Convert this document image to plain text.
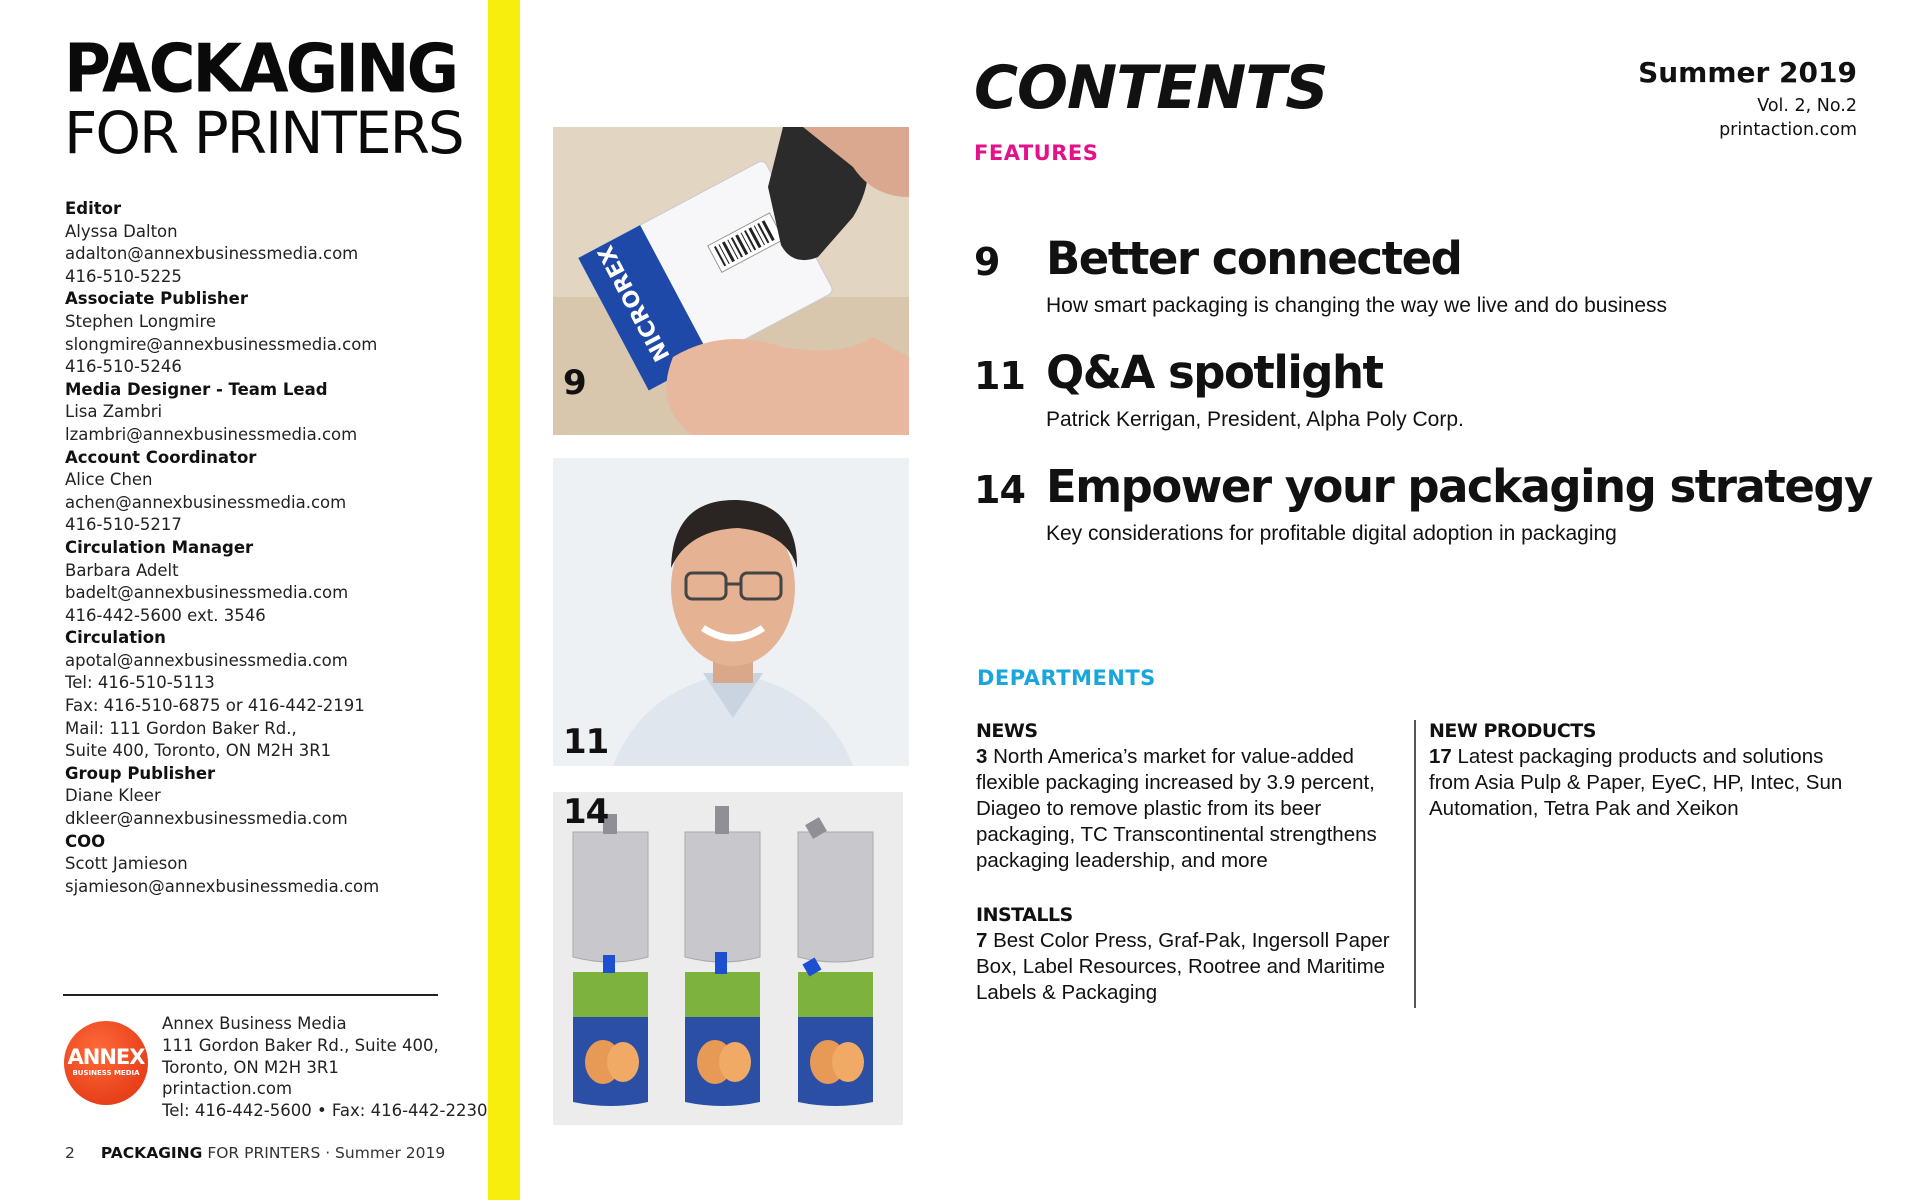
PACKAGING
FOR PRINTERS
Editor
Alyssa Dalton
adalton@annexbusinessmedia.com
416-510-5225
Associate Publisher
Stephen Longmire
slongmire@annexbusinessmedia.com
416-510-5246
Media Designer - Team Lead
Lisa Zambri
lzambri@annexbusinessmedia.com
Account Coordinator
Alice Chen
achen@annexbusinessmedia.com
416-510-5217
Circulation Manager
Barbara Adelt
badelt@annexbusinessmedia.com
416-442-5600 ext. 3546
Circulation
apotal@annexbusinessmedia.com
Tel: 416-510-5113
Fax: 416-510-6875 or 416-442-2191
Mail: 111 Gordon Baker Rd.,
Suite 400, Toronto, ON M2H 3R1
Group Publisher
Diane Kleer
dkleer@annexbusinessmedia.com
COO
Scott Jamieson
sjamieson@annexbusinessmedia.com
ANNEX
BUSINESS MEDIA
Annex Business Media
111 Gordon Baker Rd., Suite 400,
Toronto, ON M2H 3R1
printaction.com
Tel: 416-442-5600 • Fax: 416-442-2230
2 PACKAGING FOR PRINTERS · Summer 2019
NICROREX
9
11
14
CONTENTS
FEATURES
Summer 2019
Vol. 2, No.2
printaction.com
9 Better connected
How smart packaging is changing the way we live and do business
11 Q&A spotlight
Patrick Kerrigan, President, Alpha Poly Corp.
14 Empower your packaging strategy
Key considerations for profitable digital adoption in packaging
DEPARTMENTS
NEWS
3 North America’s market for value-added flexible packaging increased by 3.9 percent, Diageo to remove plastic from its beer packaging, TC Transcontinental strengthens packaging leadership, and more
INSTALLS
7 Best Color Press, Graf-Pak, Ingersoll Paper Box, Label Resources, Rootree and Maritime Labels & Packaging
NEW PRODUCTS
17 Latest packaging products and solutions from Asia Pulp & Paper, EyeC, HP, Intec, Sun Automation, Tetra Pak and Xeikon
